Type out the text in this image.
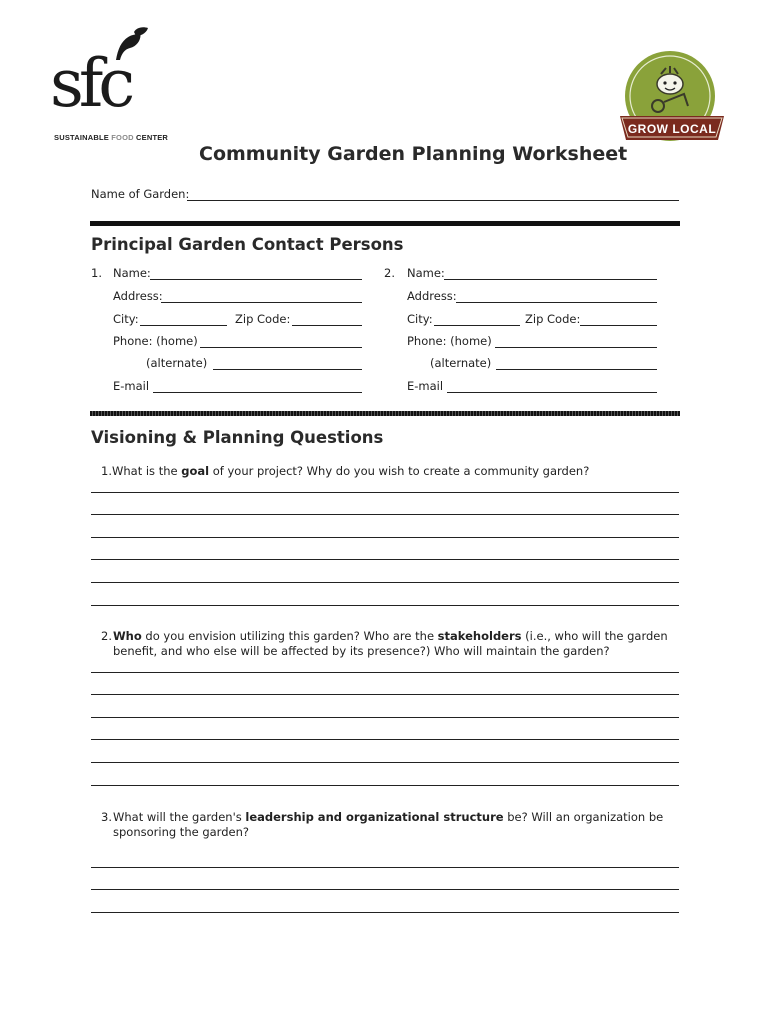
sfc
SUSTAINABLE FOOD CENTER
GROW LOCAL
Community Garden Planning Worksheet
Name of Garden:
Principal Garden Contact Persons
1. Name:
Address:
City:	Zip Code:
Phone: (home)
(alternate)
E-mail
2. Name:
Address:
City:	Zip Code:
Phone: (home)
(alternate)
E-mail
Visioning & Planning Questions
1.What is the goal of your project? Why do you wish to create a community garden?
2. Who do you envision utilizing this garden? Who are the stakeholders (i.e., who will the garden benefit, and who else will be affected by its presence?) Who will maintain the garden?
3. What will the garden's leadership and organizational structure be? Will an organization be sponsoring the garden?
